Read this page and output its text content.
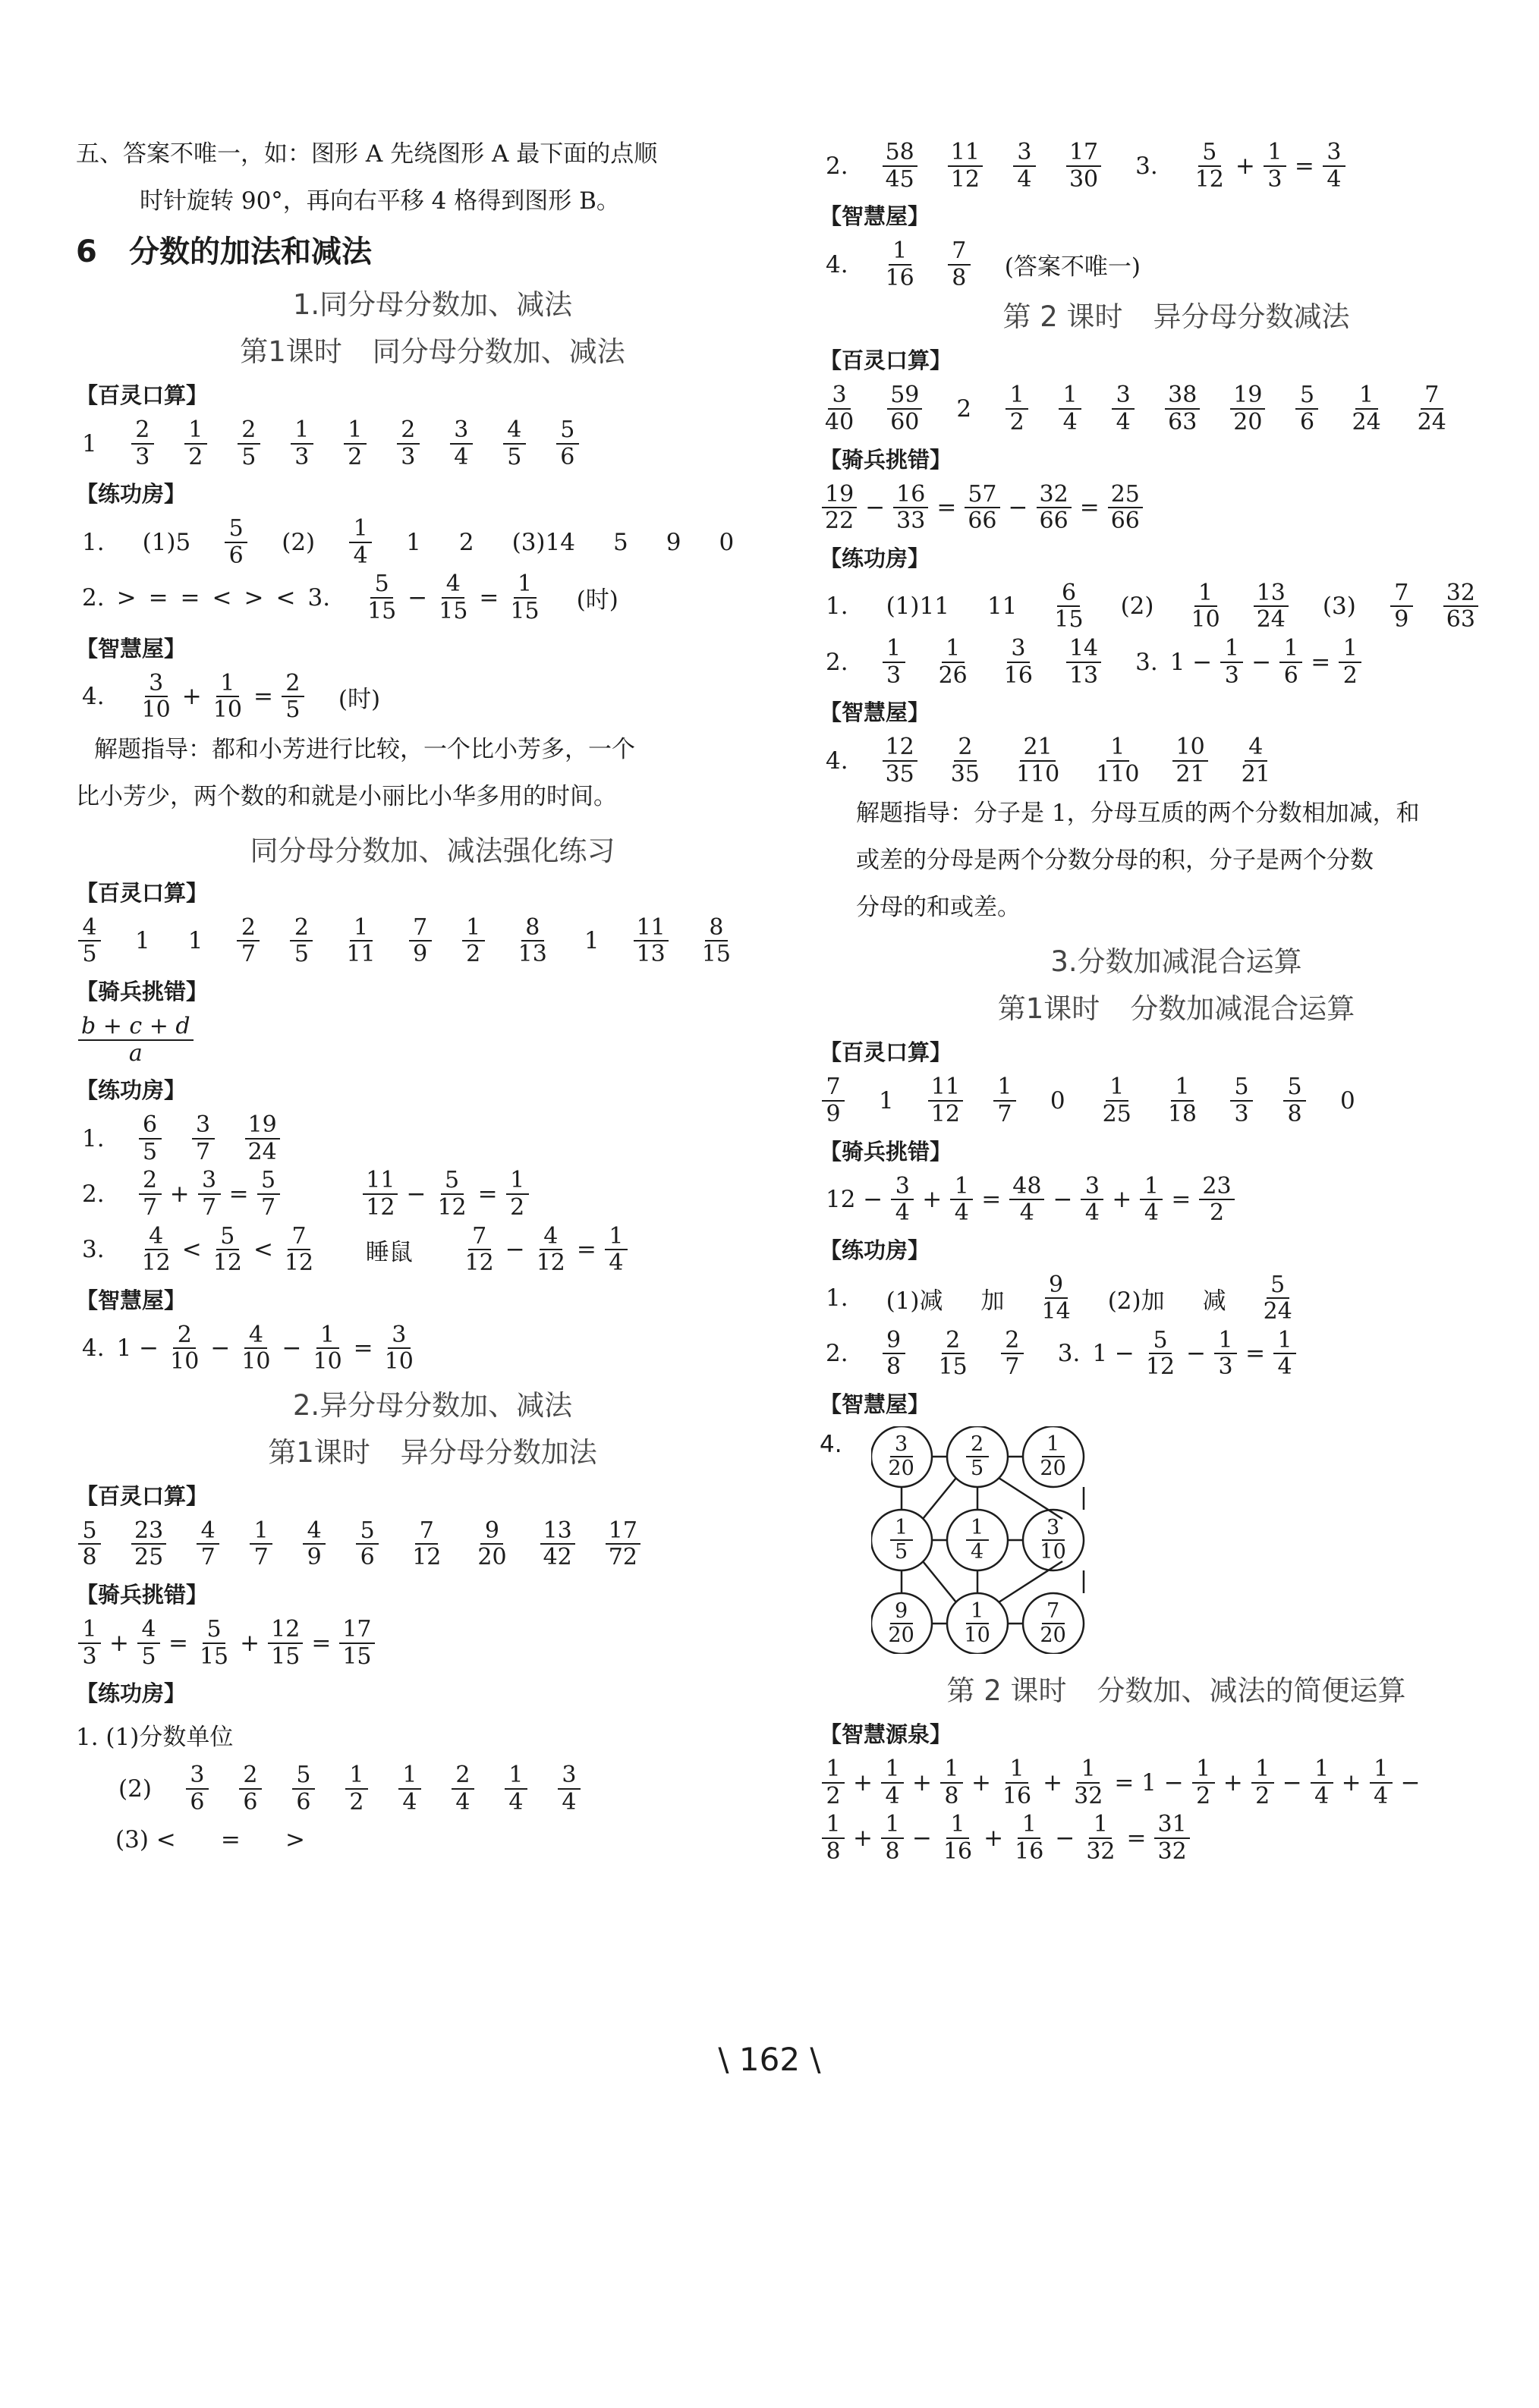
五、答案不唯一，如：图形 A 先绕图形 A 最下面的点顺
时针旋转 90°，再向右平移 4 格得到图形 B。
6 分数的加法和减法
1.同分母分数加、减法
第1课时 同分母分数加、减法
【百灵口算】
$1 \frac{2}{3} \frac{1}{2} \frac{2}{5} \frac{1}{3} \frac{1}{2} \frac{2}{3} \frac{3}{4} \frac{4}{5} \frac{5}{6}$
【练功房】
1. $(1)5 \frac{5}{6} (2) \frac{1}{4} 1$ 2 (3)14 5 9 0
2. > = = < > < 3. $\frac{5}{15} - \frac{4}{15} = \frac{1}{15}$ (时)
【智慧屋】
4. $\frac{3}{10} + \frac{1}{10} = \frac{2}{5}$ (时)
解题指导：都和小芳进行比较，一个比小芳多，一个
比小芳少，两个数的和就是小丽比小华多用的时间。
同分母分数加、减法强化练习
【百灵口算】
$\frac{4}{5} 1$ $1 \frac{2}{7} \frac{2}{5} \frac{1}{11} \frac{7}{9} \frac{1}{2} \frac{8}{13} 1 \frac{11}{13} \frac{8}{15}$
【骑兵挑错】
$\frac{b + c + d}{a}$
【练功房】
1. $\frac{6}{5} \frac{3}{7} \frac{19}{24}$
2. $\frac{2}{7} + \frac{3}{7} = \frac{5}{7}$
	$\frac{11}{12} - \frac{5}{12} = \frac{1}{2}$
3. $\frac{4}{12} < \frac{5}{12} < \frac{7}{12}$ 睡鼠 $\frac{7}{12} - \frac{4}{12} = \frac{1}{4}$
【智慧屋】
4. $1 - \frac{2}{10} - \frac{4}{10} - \frac{1}{10} = \frac{3}{10}$
2.异分母分数加、减法
第1课时 异分母分数加法
【百灵口算】
$\frac{5}{8} \frac{23}{25} \frac{4}{7} \frac{1}{7} \frac{4}{9} \frac{5}{6} \frac{7}{12} \frac{9}{20} \frac{13}{42} \frac{17}{72}$
【骑兵挑错】
$\frac{1}{3} + \frac{4}{5} = \frac{5}{15} + \frac{12}{15} = \frac{17}{15}$
【练功房】
1. (1)分数单位
$(2) \frac{3}{6} \frac{2}{6} \frac{5}{6} \frac{1}{2} \frac{1}{4} \frac{2}{4} \frac{1}{4} \frac{3}{4}$
(3) <      =      >
2. $\frac{58}{45} \frac{11}{12} \frac{3}{4} \frac{17}{30} 3$. $\frac{5}{12} + \frac{1}{3} = \frac{3}{4}$
【智慧屋】
4. $\frac{1}{16} \frac{7}{8}$ (答案不唯一)
第 2 课时 异分母分数减法
【百灵口算】
$\frac{3}{40} \frac{59}{60} 2 \frac{1}{2} \frac{1}{4} \frac{3}{4} \frac{38}{63} \frac{19}{20} \frac{5}{6} \frac{1}{24} \frac{7}{24}$
【骑兵挑错】
$\frac{19}{22} - \frac{16}{33} = \frac{57}{66} - \frac{32}{66} = \frac{25}{66}$
【练功房】
1. (1)11 $11 \frac{6}{15} (2) \frac{1}{10} \frac{13}{24} (3) \frac{7}{9} \frac{32}{63}$
2. $\frac{1}{3} \frac{1}{26} \frac{3}{16} \frac{14}{13} 3$. $1 - \frac{1}{3} - \frac{1}{6} = \frac{1}{2}$
【智慧屋】
4. $\frac{12}{35} \frac{2}{35} \frac{21}{110} \frac{1}{110} \frac{10}{21} \frac{4}{21}$
解题指导：分子是 1，分母互质的两个分数相加减，和
或差的分母是两个分数分母的积，分子是两个分数
分母的和或差。
3.分数加减混合运算
第1课时 分数加减混合运算
【百灵口算】
$\frac{7}{9} 1 \frac{11}{12} \frac{1}{7} 0 \frac{1}{25} \frac{1}{18} \frac{5}{3} \frac{5}{8} 0$
【骑兵挑错】
$12 - \frac{3}{4} + \frac{1}{4} = \frac{48}{4} - \frac{3}{4} + \frac{1}{4} = \frac{23}{2}$
【练功房】
1. (1)减 加 $\frac{9}{14} (2)$加 减 $\frac{5}{24}$
2. $\frac{9}{8} \frac{2}{15} \frac{2}{7} 3$. $1 - \frac{5}{12} - \frac{1}{3} = \frac{1}{4}$
【智慧屋】
4. $\frac{3}{20} \frac{2}{5} \frac{1}{20}$
$\frac{1}{5}$	$\frac{1}{4} \frac{3}{10}$
$\frac{9}{20} \frac{1}{10} \frac{7}{20}$
第 2 课时 分数加、减法的简便运算
【智慧源泉】
$\frac{1}{2} + \frac{1}{4} + \frac{1}{8} + \frac{1}{16} + \frac{1}{32} = 1 - \frac{1}{2} + \frac{1}{2} - \frac{1}{4} + \frac{1}{4}$ −
$\frac{1}{8} + \frac{1}{8} - \frac{1}{16} + \frac{1}{16} - \frac{1}{32} = \frac{31}{32}$
\ 162 \
